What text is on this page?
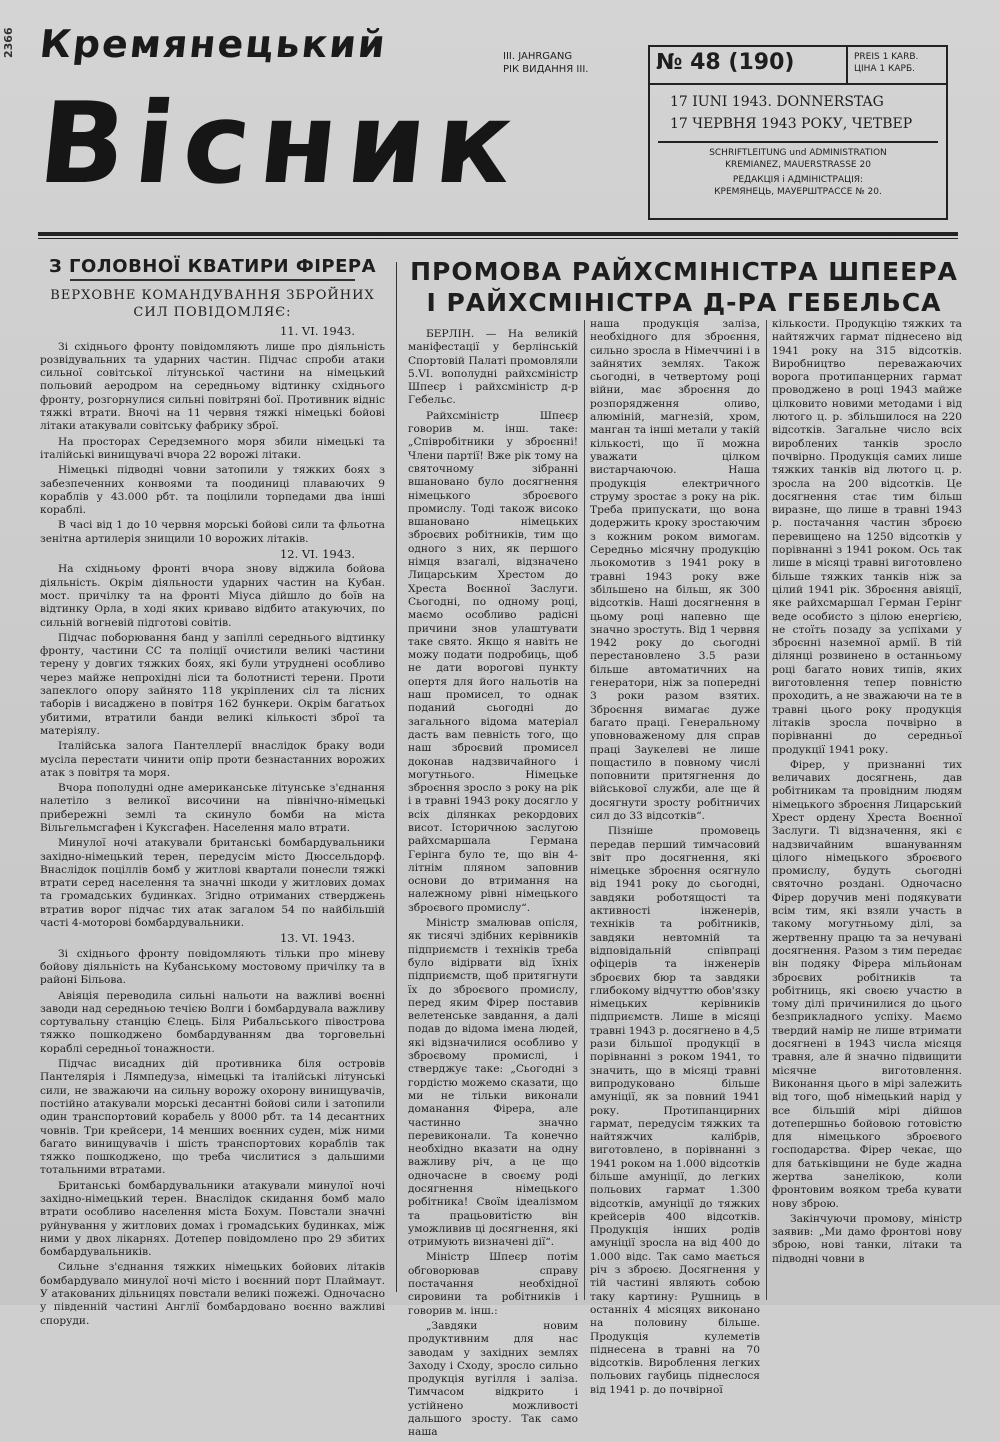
2366 Кремянецький
Вісник
III. JAHRGANG
РІК ВИДАННЯ III.	№ 48 (190)	PREIS 1 KARB.
ЦІНА 1 КАРБ.
17 IUNI 1943. DONNERSTAG
17 ЧЕРВНЯ 1943 РОКУ, ЧЕТВЕР
SCHRIFTLEITUNG und ADMINISTRATION
KREMIANEZ, MAUERSTRASSE 20
РЕДАКЦІЯ і АДМІНІСТРАЦІЯ:
КРЕМЯНЕЦЬ, МАУЕРШТРАССЕ № 20.
З ГОЛОВНОЇ КВАТИРИ ФІРЕРА
ВЕРХОВНЕ КОМАНДУВАННЯ ЗБРОЙНИХ СИЛ ПОВІДОМЛЯЄ:
11. VI. 1943.

Зі східнього фронту повідомляють лише про діяльність розвідувальних та ударних частин. Підчас спроби атаки сильної совітської літунської частини на німецький польовий аеродром на середньому відтинку східнього фронту, розгорнулися сильні повітряні бої. Противник відніс тяжкі втрати. Вночі на 11 червня тяжкі німецькі бойові літаки атакували совітську фабрику зброї.

На просторах Середземного моря збили німецькі та італійські винищувачі вчора 22 ворожі літаки.

Німецькі підводні човни затопили у тяжких боях з забезпеченних конвоями та поодиниці плаваючих 9 кораблів у 43.000 рбт. та поцілили торпедами два інші кораблі.

В часі від 1 до 10 червня морські бойові сили та фльотна зенітна артилерія знищили 10 ворожих літаків.

12. VI. 1943.

На східньому фронті вчора знову віджила бойова діяльність. Окрім діяльности ударних частин на Кубан. мост. причілку та на фронті Міуса дійшло до боїв на відтинку Орла, в ході яких кривавo відбито атакуючих, по сильній вогневій підготові совітів.

Підчас поборювання банд у запіллі середнього відтинку фронту, частини СС та поліції очистили великі частини терену у довгих тяжких боях, які були утруднені особливо через майже непрохідні ліси та болотнисті терени. Проти запеклого опору зайнято 118 укріплених сіл та лісних таборів і висаджено в повітря 162 бункери. Окрім багатьох убитими, втратили банди великі кількості зброї та матеріялу.

Італійська залога Пантеллерії внаслідок браку води мусіла перестати чинити опір проти безнастанних ворожих атак з повітря та моря.

Вчора пополудні одне американське літунське з'єднання налетіло з великої височини на північно-німецькі прибережні землі та скинуло бомби на міста Вільгельмсгафен і Куксгафен. Населення мало втрати.

Минулої ночі атакували британські бомбардувальники західно-німецький терен, передусім місто Дюссельдорф. Внаслідок поціллів бомб у житлові квартали понесли тяжкі втрати серед населення та значні шкоди у житлових домах та громадських будинках. Згідно отриманих стверджень втратив ворог підчас тих атак загалом 54 по найбільшій часті 4-моторові бомбардувальники.

13. VI. 1943.

Зі східнього фронту повідомляють тільки про міневу бойову діяльність на Кубанському мостовому причілку та в районі Більова.

Авіяція переводила сильні нальоти на важливі воєнні заводи над середньою течією Волги і бомбардувала важливу сортувальну станцію Єлець. Біля Рибальського півострова тяжко пошкоджено бомбардуванням два торговельні кораблі середньої тонажности.

Підчас висадних дій противника біля островів Пантелярія і Лямпедуза, німецькі та італійські літунські сили, не зважаючи на сильну ворожу охорону винищувачів, постійно атакували морські десантні бойові сили і затопили один транспортовий корабель у 8000 рбт. та 14 десантних човнів. Три крейсери, 14 менших воєнних суден, між ними багато винищувачів і шість транспортових кораблів так тяжко пошкоджено, що треба числитися з дальшими тотальними втратами.

Британські бомбардувальники атакували минулої ночі західно-німецький терен. Внаслідок скидання бомб мало втрати особливо населення міста Бохум. Повстали значні руйнування у житлових домах і громадських будинках, між ними у двох лікарнях. Дотепер повідомлено про 29 збитих бомбардувальників.

Сильне з'єднання тяжких німецьких бойових літаків бомбардувало минулої ночі місто і воєнний порт Плаймаут. У атакованих дільницях повстали великі пожежі. Одночасно у південній частині Англії бомбардовано воєнно важливі споруди.

ПРОМОВА РАЙХСМІНІСТРА ШПЕЕРА
І РАЙХСМІНІСТРА Д-РА ГЕБЕЛЬСА

БЕРЛІН. — На великій маніфестації у берлінській Спортовій Палаті промовляли 5.VI. вополудні райхсміністр Шпеєр і райхсміністр д-р Гебельс.

Райхсміністр Шпеєр говорив м. інш. таке: „Співробітники у зброєнні! Члени партії! Вже рік тому на святочному зібранні вшановано було досягнення німецького зброєвого промислу. Тоді також високо вшановано німецьких зброєвих робітників, тим що одного з них, як першого німця взагалі, відзначено Лицарським Хрестом до Хреста Воєнної Заслуги. Сьогодні, по одному році, маємо особливо радісні причини знов улаштувати таке свято. Якщо я навіть не можу подати подробиць, щоб не дати ворогові пункту опертя для його нальотів на наш промисел, то однак поданий сьогодні до загального відома матеріал дасть вам певність того, що наш зброєвий промисел доконав надзвичайного і могутнього. Німецьке зброєння зросло з року на рік і в травні 1943 року досягло у всіх ділянках рекордових висот. Історичною заслугою райхсмаршала Германа Герінга було те, що він 4-літнім пляном заповнив основи до втримання на належному рівні німецького зброєвого промислу“.

Міністр змалював опісля, як тисячі здібних керівників підприємств і техніків треба було відірвати від їхніх підприємств, щоб притягнути їх до зброєвого промислу, перед яким Фірер поставив велетенське завдання, а далі подав до відома імена людей, які відзначилися особливо у зброєвому промислі, і стверджує таке: „Сьогодні з гордістю можемо сказати, що ми не тільки виконали доманання Фірера, але частинно значно перевиконали. Та конечно необхідно вказати на одну важливу річ, а це що одночасне в своєму роді досягнення німецького робітника! Своїм ідеалізмом та працьовитістю він уможливив ці досягнення, які отримують визначені дії“.

Міністр Шпеєр потім обговорював справу постачання необхідної сировини та робітників і говорив м. інш.:

„Завдяки новим продуктивним для нас заводам у західних землях Заходу і Сходу, зросло сильно продукція вугілля і заліза. Тимчасом відкрито і устійнено можливості дальшого зросту. Так само наша

наша продукція заліза, необхідного для зброєння, сильно зросла в Німеччині і в зайнятих землях. Також сьогодні, в четвертому році війни, має зброєння до розпорядження оливо, алюміній, магнезій, хром, манган та інші метали у такій кількості, що її можна уважати цілком вистарчаючою. Наша продукція електричного струму зростає з року на рік. Треба припускати, що вона додержить кроку зростаючим з кожним роком вимогам. Середньо місячну продукцію льокомотив з 1941 року в травні 1943 року вже збільшено на більш, як 300 відсотків. Наші досягнення в цьому році напевно ще значно зростуть. Від 1 червня 1942 року до сьогодні перестановлено 3.5 рази більше автоматичних на генератори, ніж за попередні 3 роки разом взятих. Зброєння вимагає дуже багато праці. Генеральному уповноваженому для справ праці Заукелеві не лише пощастило в повному числі поповнити притягнення до військової служби, але ще й досягнути зросту робітничих сил до 33 відсотків“.

Пізніше промовець передав перший тимчасовий звіт про досягнення, які німецьке зброєння осягнуло від 1941 року до сьогодні, завдяки роботящості та активності інженерів, техніків та робітників, завдяки невтомній та відповідальній співпраці офіцерів та інженерів зброєвих бюр та завдяки глибокому відчуттю обов'язку німецьких керівників підприємств. Лише в місяці травні 1943 р. досягнено в 4,5 рази більшої продукції в порівнанні з роком 1941, то значить, що в місяці травні випродуковано більше амуніції, як за повний 1941 року. Протипанцирних гармат, передусім тяжких та найтяжчих калібрів, виготовлено, в порівнанні з 1941 роком на 1.000 відсотків більше амуніції, до легких польових гармат 1.300 відсотків, амуніції до тяжких крейсерів 400 відсотків. Продукція інших родів амуніції зросла на від 400 до 1.000 відс. Так само мається річ з зброєю. Досягнення у тій частині являють собою таку картину: Рушниць в останніх 4 місяцях виконано на половину більше. Продукція кулеметів піднесена в травні на 70 відсотків. Вироблення легких польових гаубиць піднеслося від 1941 р. до почвірної

кількости. Продукцію тяжких та найтяжчих гармат піднесено від 1941 року на 315 відсотків. Виробництво переважаючих ворога протипанцерних гармат проводжено в році 1943 майже цілковито новими методами і від лютого ц. р. збільшилося на 220 відсотків. Загальне число всіх вироблених танків зросло почвірно. Продукція самих лише тяжких танків від лютого ц. р. зросла на 200 відсотків. Це досягнення стає тим більш виразне, що лише в травні 1943 р. постачання частин зброєю перевищено на 1250 відсотків у порівнанні з 1941 роком. Ось так лише в місяці травні виготовлено більше тяжких танків ніж за цілий 1941 рік. Зброєння авіяції, яке райхсмаршал Герман Герінг веде особисто з цілою енергією, не стоїть позаду за успіхами у зброєнні наземної армії. В тій ділянці розвинено в останньому році багато нових типів, яких виготовлення тепер повністю проходить, а не зважаючи на те в травні цього року продукція літаків зросла почвірно в порівнанні до середньої продукції 1941 року.

Фірер, у признанні тих величавих досягнень, дав робітникам та провідним людям німецького зброєння Лицарський Хрест ордену Хреста Воєнної Заслуги. Ті відзначення, які є надзвичайним вшануванням цілого німецького зброєвого промислу, будуть сьогодні святочно роздані. Одночасно Фірер доручив мені подякувати всім тим, які взяли участь в такому могутньому ділі, за жертвенну працю та за нечувані досягнення. Разом з тим передає він подяку Фірера мільйонам зброєвих робітників та робітниць, які своєю участю в тому ділі причинилися до цього безприкладного успіху. Маємо твердий намір не лише втримати досягнені в 1943 числа місяця травня, але й значно підвищити місячне виготовлення. Виконання цього в мірі залежить від того, щоб німецький нарід у все більшій мірі дійшов дотепершньо бойовою готовістю для німецького зброєвого господарства. Фірер чекає, що для батьківщини не буде жадна жертва занелікою, коли фронтовим вояком треба кувати нову зброю.

Закінчуючи промову, міністр заявив: „Ми дамо фронтові нову зброю, нові танки, літаки та підводні човни в
